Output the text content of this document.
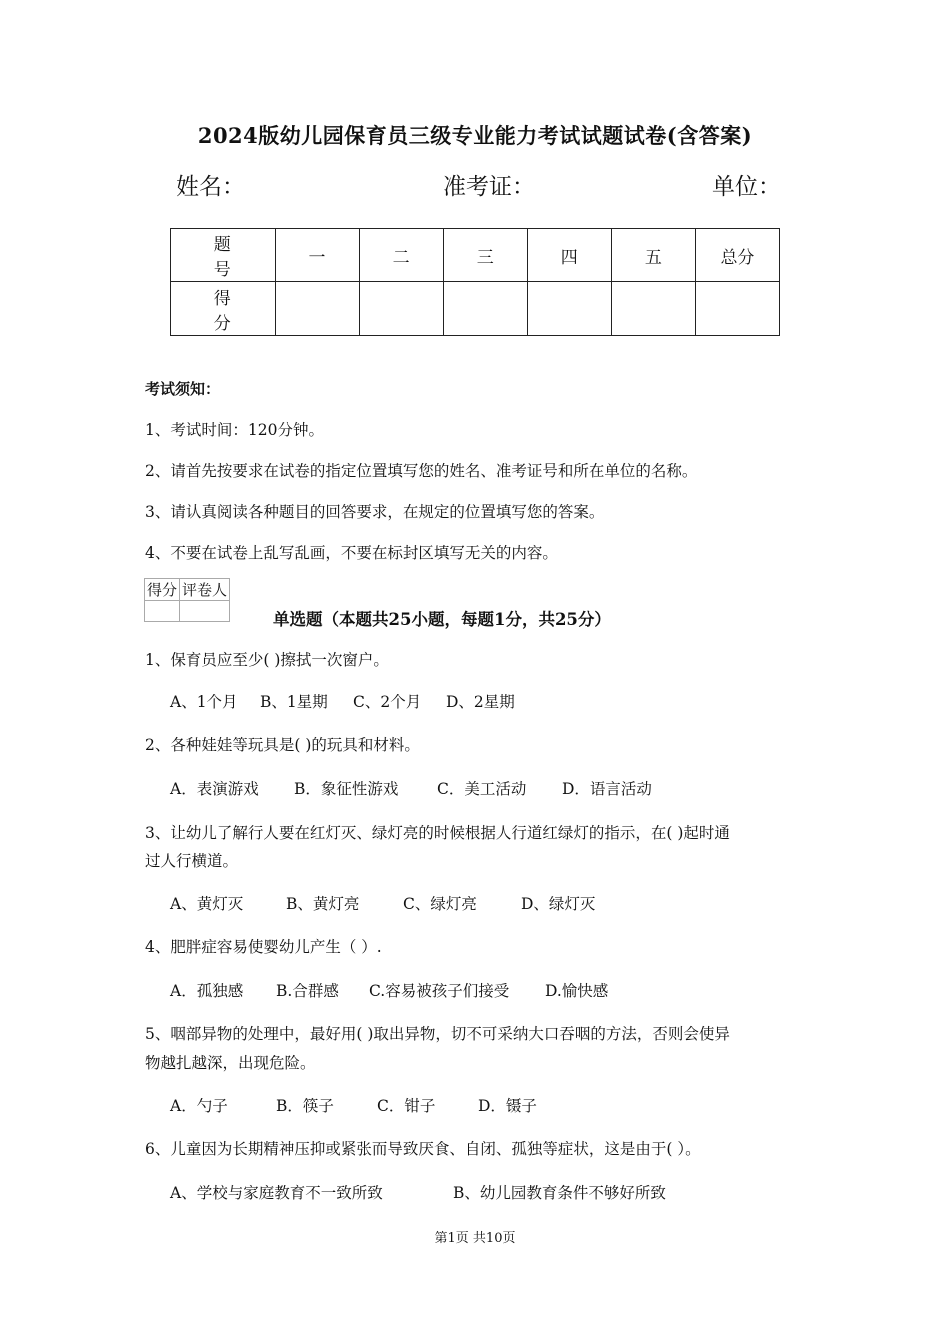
2024版幼儿园保育员三级专业能力考试试题试卷(含答案)
姓名：	准考证：	单位：
题 号	一	二	三	四	五	总分
得 分						
考试须知：
1、考试时间：120分钟。
2、请首先按要求在试卷的指定位置填写您的姓名、准考证号和所在单位的名称。
3、请认真阅读各种题目的回答要求，在规定的位置填写您的答案。
4、不要在试卷上乱写乱画，不要在标封区填写无关的内容。
得分	评卷人

单选题（本题共25小题，每题1分，共25分）
1、保育员应至少( )擦拭一次窗户。
A、1个月 B、1星期 C、2个月 D、2星期
2、各种娃娃等玩具是( )的玩具和材料。
A．表演游戏 B．象征性游戏 C．美工活动 D．语言活动
3、让幼儿了解行人要在红灯灭、绿灯亮的时候根据人行道红绿灯的指示，在( )起时通
过人行横道。
A、黄灯灭	B、黄灯亮	C、绿灯亮	D、绿灯灭
4、肥胖症容易使婴幼儿产生（ ）.
A．孤独感 B.合群感 C.容易被孩子们接受 D.愉快感
5、咽部异物的处理中，最好用( )取出异物，切不可采纳大口吞咽的方法，否则会使异
物越扎越深，出现危险。
A．勺子	B．筷子	C．钳子	D．镊子
6、儿童因为长期精神压抑或紧张而导致厌食、自闭、孤独等症状，这是由于( ）。
A、学校与家庭教育不一致所致	B、幼儿园教育条件不够好所致
第1页 共10页
